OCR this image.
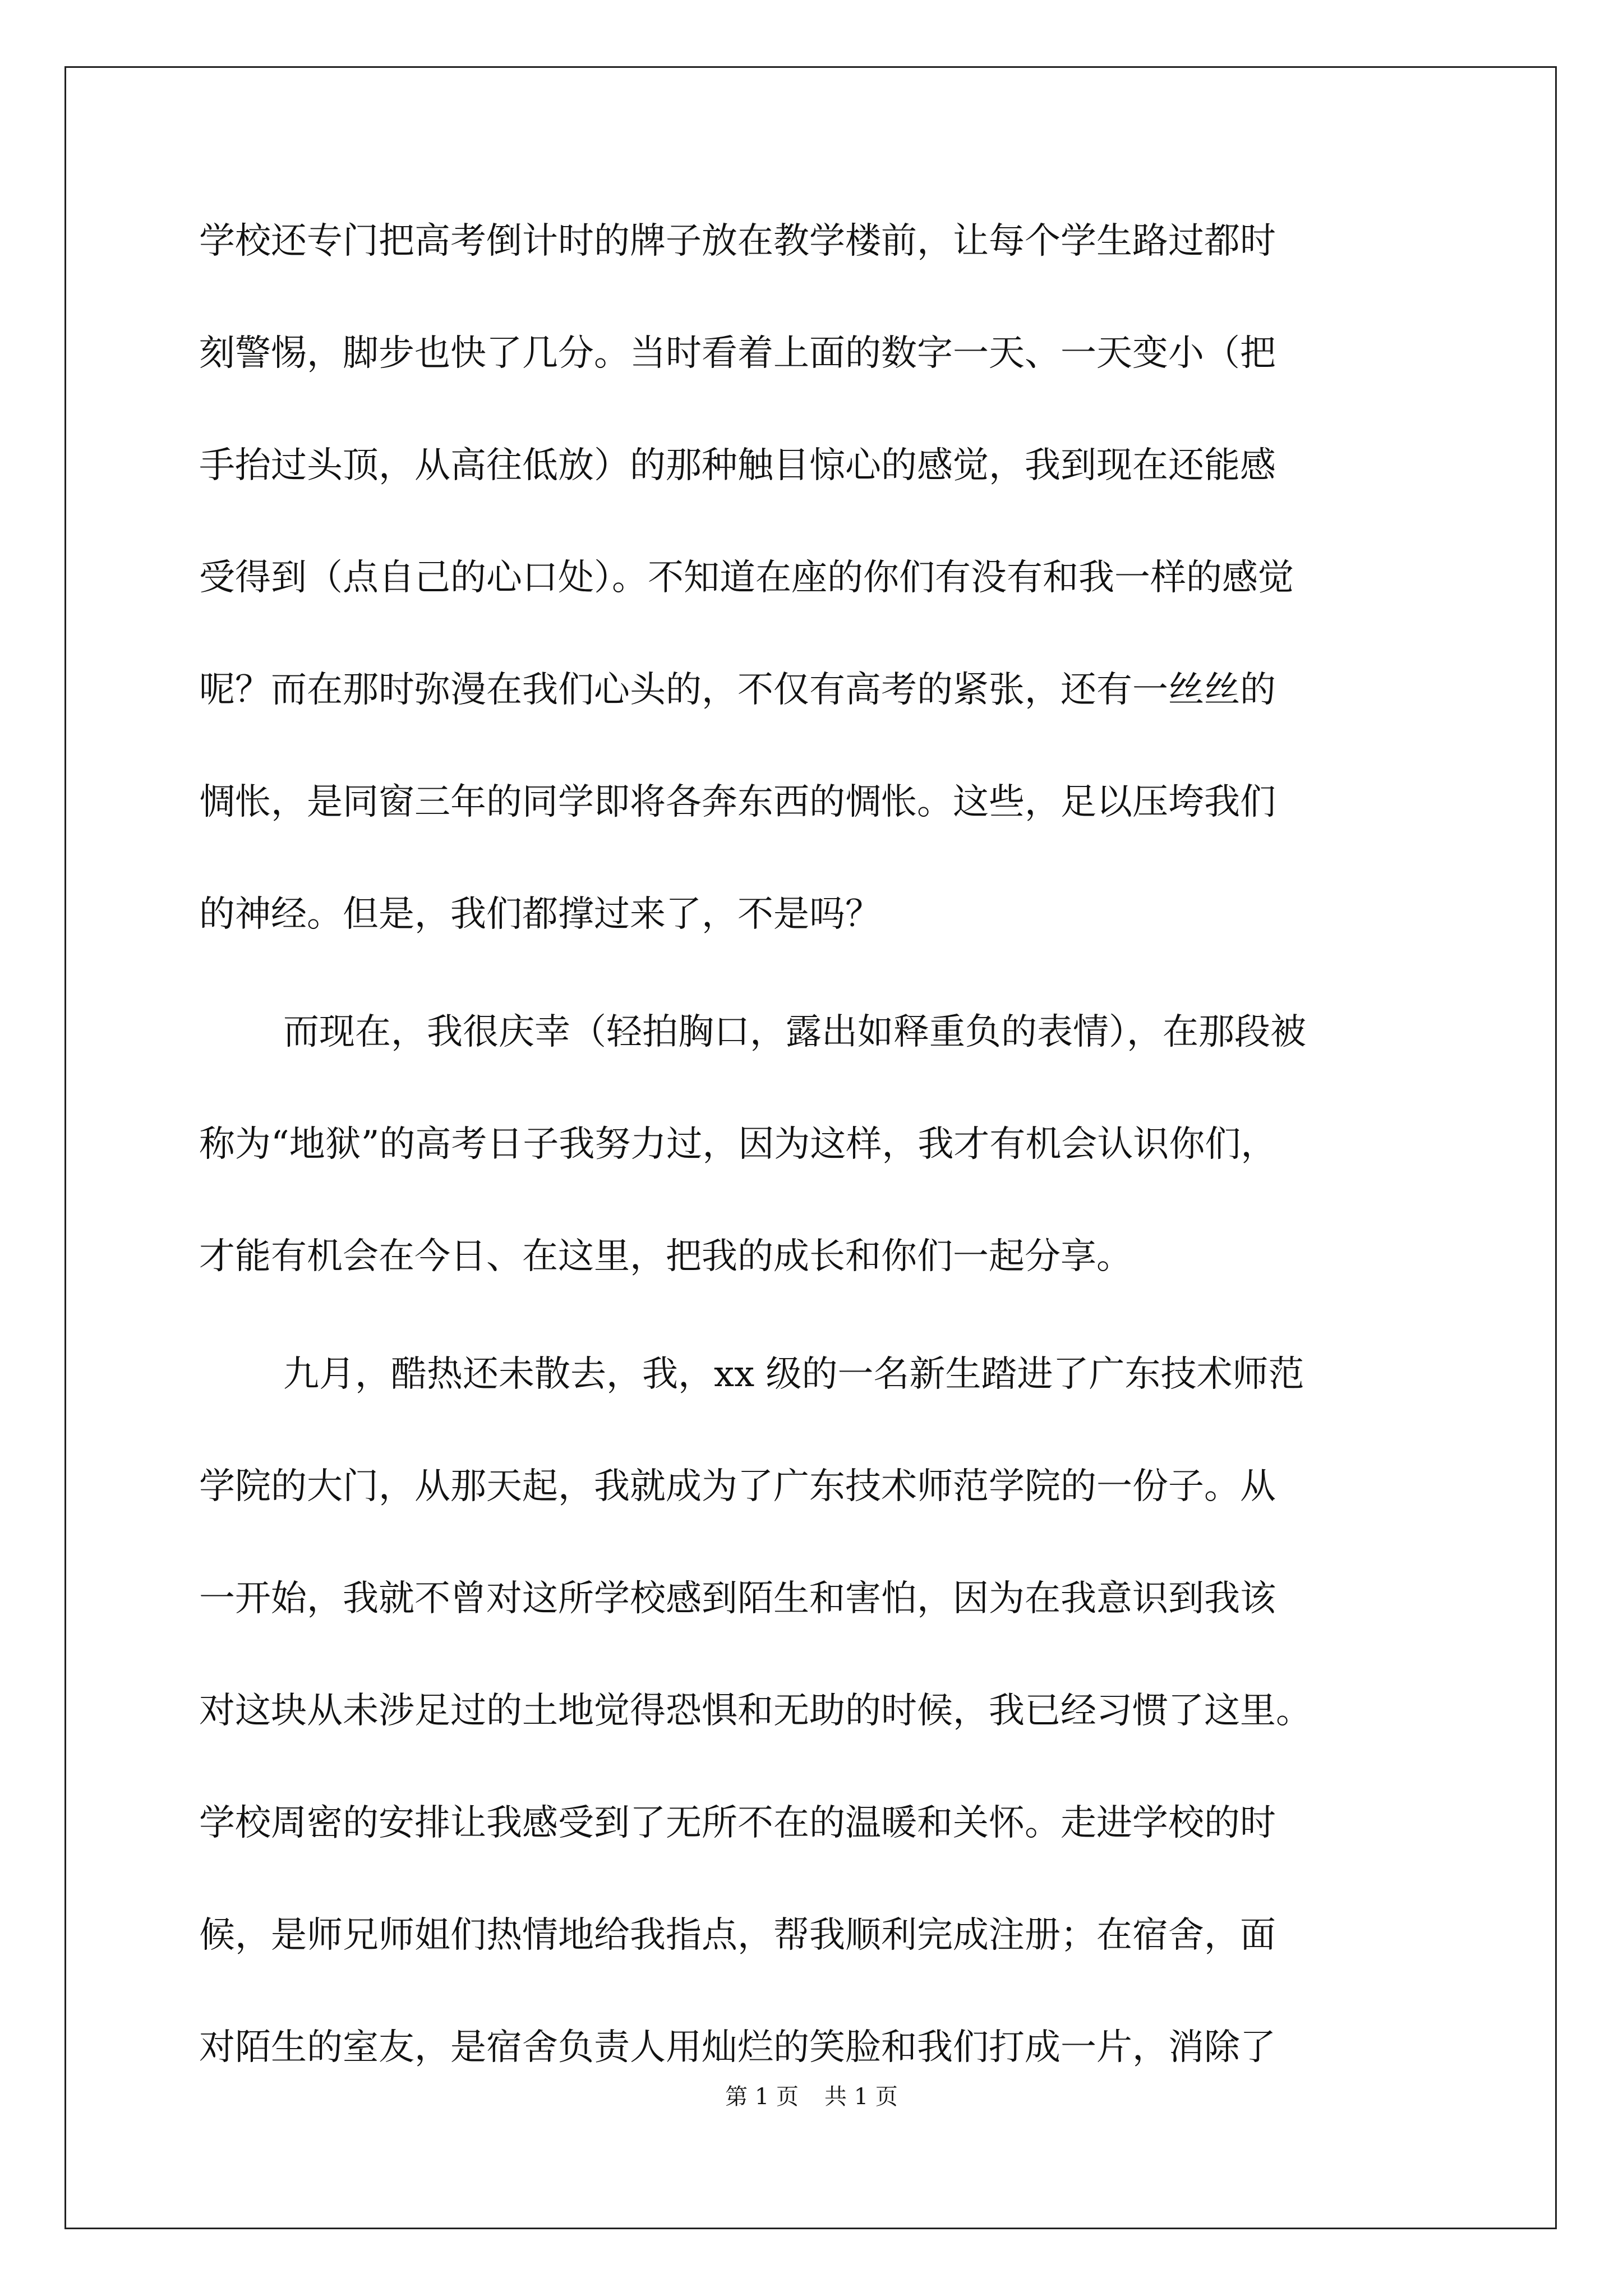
学校还专门把高考倒计时的牌子放在教学楼前，让每个学生路过都时
刻警惕，脚步也快了几分。当时看着上面的数字一天、一天变小（把
手抬过头顶，从高往低放）的那种触目惊心的感觉，我到现在还能感
受得到（点自己的心口处）。不知道在座的你们有没有和我一样的感觉
呢？而在那时弥漫在我们心头的，不仅有高考的紧张，还有一丝丝的
惆怅，是同窗三年的同学即将各奔东西的惆怅。这些，足以压垮我们
的神经。但是，我们都撑过来了，不是吗？
而现在，我很庆幸（轻拍胸口，露出如释重负的表情），在那段被
称为“地狱”的高考日子我努力过，因为这样，我才有机会认识你们，
才能有机会在今日、在这里，把我的成长和你们一起分享。
九月，酷热还未散去，我，xx 级的一名新生踏进了广东技术师范
学院的大门，从那天起，我就成为了广东技术师范学院的一份子。从
一开始，我就不曾对这所学校感到陌生和害怕，因为在我意识到我该
对这块从未涉足过的土地觉得恐惧和无助的时候，我已经习惯了这里。
学校周密的安排让我感受到了无所不在的温暖和关怀。走进学校的时
候，是师兄师姐们热情地给我指点，帮我顺利完成注册；在宿舍，面
对陌生的室友，是宿舍负责人用灿烂的笑脸和我们打成一片，消除了
第 1 页 共 1 页
